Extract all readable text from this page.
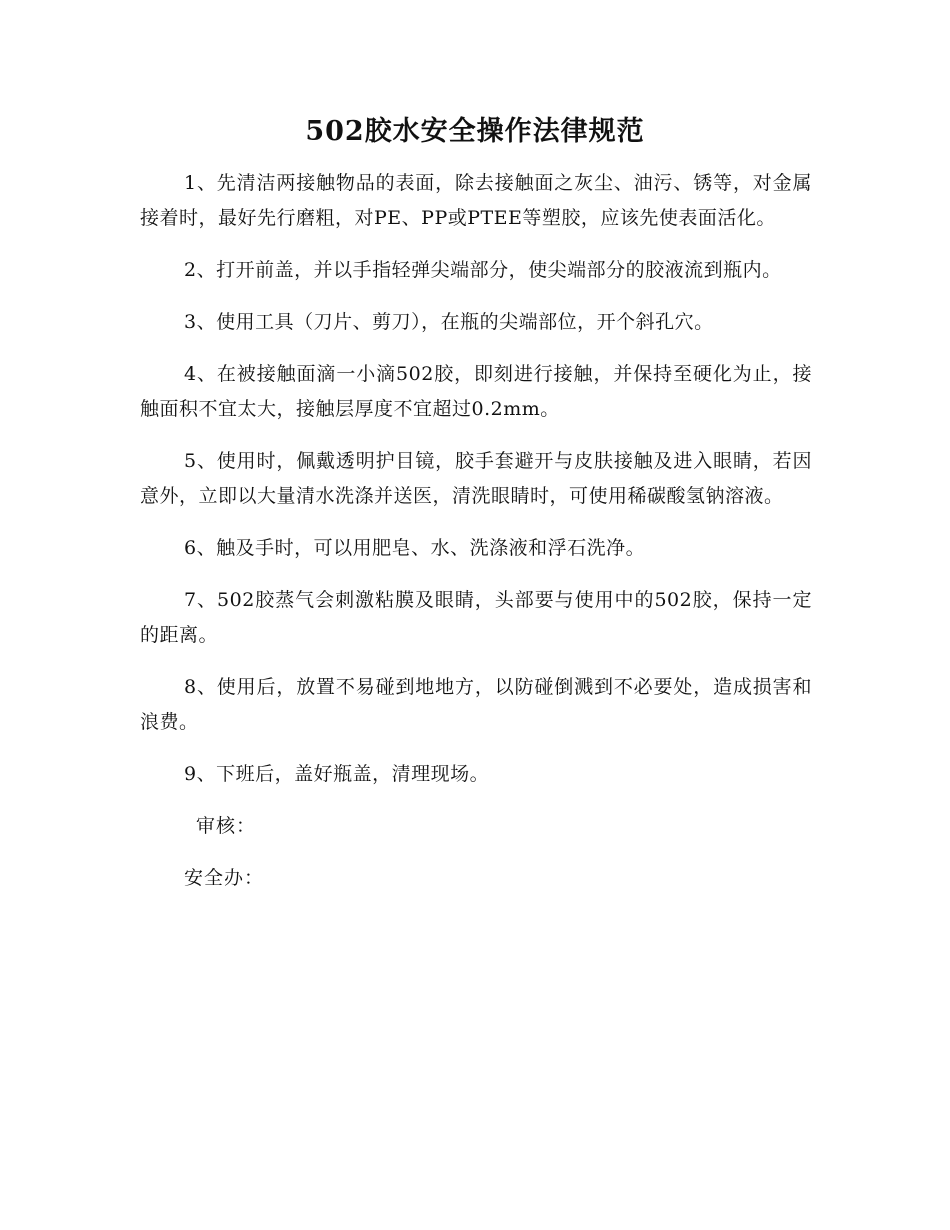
502胶水安全操作法律规范

1、先清洁两接触物品的表面，除去接触面之灰尘、油污、锈等，对金属接着时，最好先行磨粗，对PE、PP或PTEE等塑胶，应该先使表面活化。

2、打开前盖，并以手指轻弹尖端部分，使尖端部分的胶液流到瓶内。

3、使用工具（刀片、剪刀），在瓶的尖端部位，开个斜孔穴。

4、在被接触面滴一小滴502胶，即刻进行接触，并保持至硬化为止，接触面积不宜太大，接触层厚度不宜超过0.2mm。

5、使用时，佩戴透明护目镜，胶手套避开与皮肤接触及进入眼睛，若因意外，立即以大量清水洗涤并送医，清洗眼睛时，可使用稀碳酸氢钠溶液。

6、触及手时，可以用肥皂、水、洗涤液和浮石洗净。

7、502胶蒸气会刺激粘膜及眼睛，头部要与使用中的502胶，保持一定的距离。

8、使用后，放置不易碰到地地方，以防碰倒溅到不必要处，造成损害和浪费。

9、下班后，盖好瓶盖，清理现场。

审核：

安全办：
